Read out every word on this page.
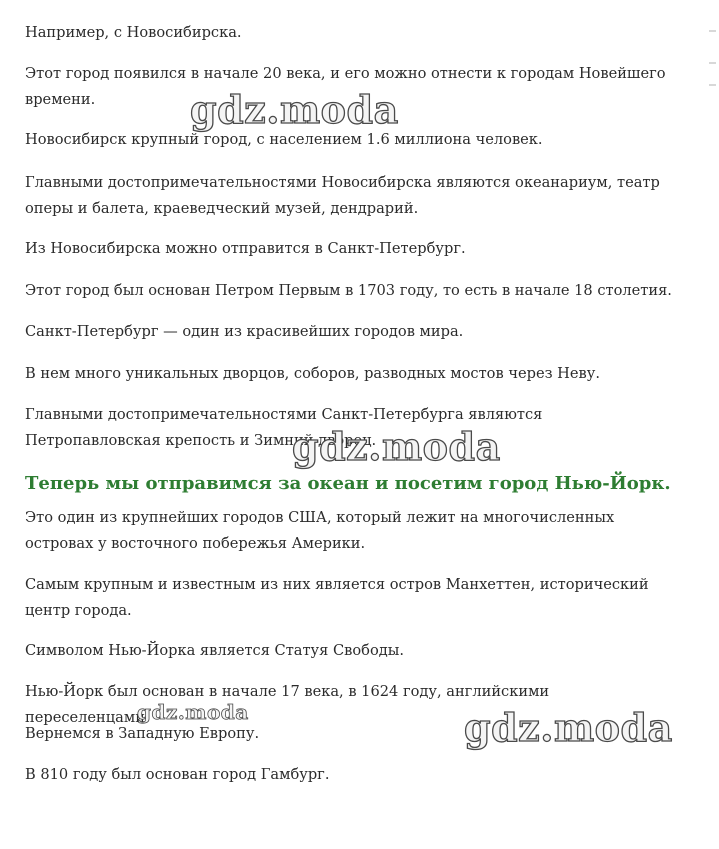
Например, с Новосибирска.

Этот город появился в начале 20 века, и его можно отнести к городам Новейшего времени.

Новосибирск крупный город, с населением 1.6 миллиона человек.

Главными достопримечательностями Новосибирска являются океанариум, театр оперы и балета, краеведческий музей, дендрарий.

Из Новосибирска можно отправится в Санкт-Петербург.

Этот город был основан Петром Первым в 1703 году, то есть в начале 18 столетия.

Санкт-Петербург — один из красивейших городов мира.

В нем много уникальных дворцов, соборов, разводных мостов через Неву.

Главными достопримечательностями Санкт-Петербурга являются Петропавловская крепость и Зимний дворец.

Теперь мы отправимся за океан и посетим город Нью-Йорк.

Это один из крупнейших городов США, который лежит на многочисленных островах у восточного побережья Америки.

Самым крупным и известным из них является остров Манхеттен, исторический центр города.

Символом Нью-Йорка является Статуя Свободы.

Нью-Йорк был основан в начале 17 века, в 1624 году, английскими переселенцами.

Вернемся в Западную Европу.

В 810 году был основан город Гамбург.

gdz.moda
gdz.moda
gdz.moda	gdz.moda
